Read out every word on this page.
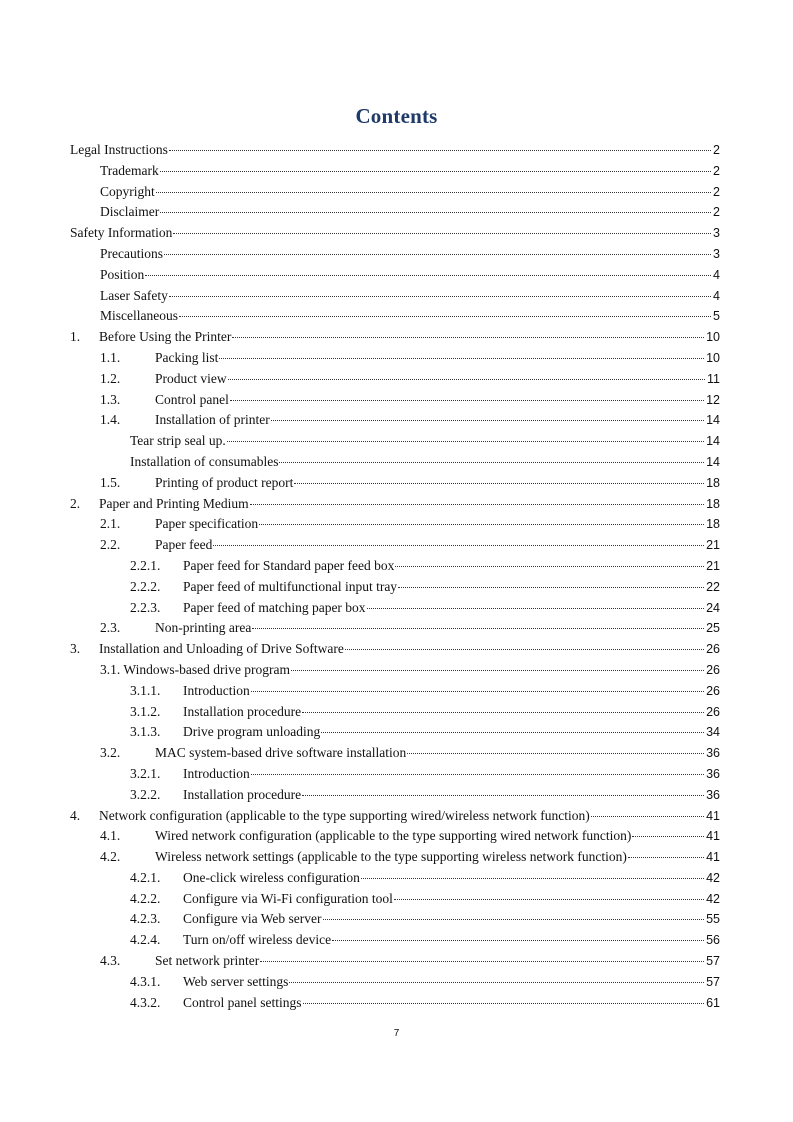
Contents
Legal Instructions	2
Trademark	2
Copyright	2
Disclaimer	2
Safety Information	3
Precautions	3
Position	4
Laser Safety	4
Miscellaneous	5
1.	Before Using the Printer	10
1.1.	Packing list	10
1.2.	Product view	11
1.3.	Control panel	12
1.4.	Installation of printer	14
Tear strip seal up.	14
Installation of consumables	14
1.5.	Printing of product report	18
2.	Paper and Printing Medium	18
2.1.	Paper specification	18
2.2.	Paper feed	21
2.2.1.	Paper feed for Standard paper feed box	21
2.2.2.	Paper feed of multifunctional input tray	22
2.2.3.	Paper feed of matching paper box	24
2.3.	Non-printing area	25
3.	Installation and Unloading of Drive Software	26
3.1. Windows-based drive program	26
3.1.1.	Introduction	26
3.1.2.	Installation procedure	26
3.1.3.	Drive program unloading	34
3.2.	MAC system-based drive software installation	36
3.2.1.	Introduction	36
3.2.2.	Installation procedure	36
4.	Network configuration (applicable to the type supporting wired/wireless network function)	41
4.1.	Wired network configuration (applicable to the type supporting wired network function)	41
4.2.	Wireless network settings (applicable to the type supporting wireless network function)	41
4.2.1.	One-click wireless configuration	42
4.2.2.	Configure via Wi-Fi configuration tool	42
4.2.3.	Configure via Web server	55
4.2.4.	Turn on/off wireless device	56
4.3.	Set network printer	57
4.3.1.	Web server settings	57
4.3.2.	Control panel settings	61
7
